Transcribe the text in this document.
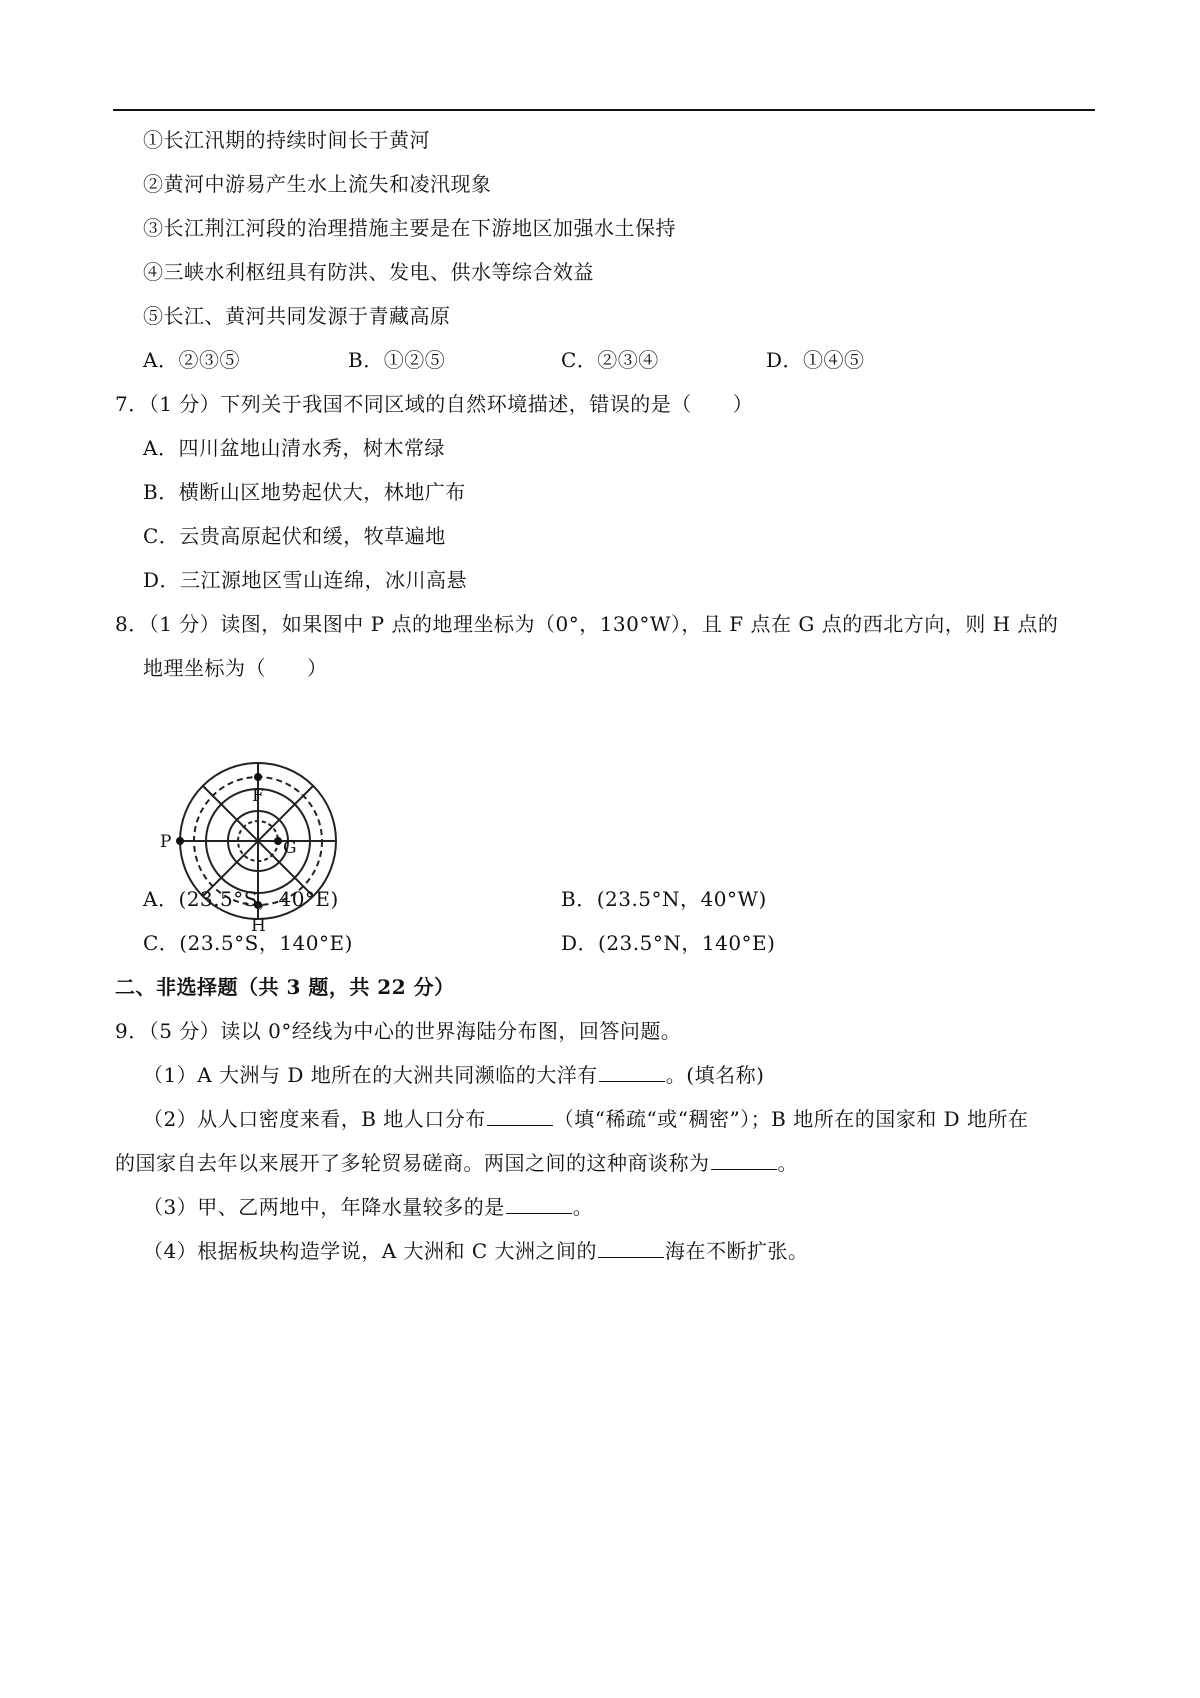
①长江汛期的持续时间长于黄河
②黄河中游易产生水上流失和凌汛现象
③长江荆江河段的治理措施主要是在下游地区加强水土保持
④三峡水利枢纽具有防洪、发电、供水等综合效益
⑤长江、黄河共同发源于青藏高原
A．②③⑤	B．①②⑤	C．②③④	D．①④⑤
7．（1 分）下列关于我国不同区域的自然环境描述，错误的是（　　）
A．四川盆地山清水秀，树木常绿
B．横断山区地势起伏大，林地广布
C．云贵高原起伏和缓，牧草遍地
D．三江源地区雪山连绵，冰川高悬
8．（1 分）读图，如果图中 P 点的地理坐标为（0°，130°W），且 F 点在 G 点的西北方向，则 H 点的
地理坐标为（　　）
F
P	G
H
A．(23.5°S，40°E)	B．(23.5°N，40°W)
C．(23.5°S，140°E)	D．(23.5°N，140°E)
二、非选择题（共 3 题，共 22 分）
9．（5 分）读以 0°经线为中心的世界海陆分布图，回答问题。
（1）A 大洲与 D 地所在的大洲共同濒临的大洋有	。(填名称)
（2）从人口密度来看，B 地人口分布	（填“稀疏“或“稠密”）；B 地所在的国家和 D 地所在
的国家自去年以来展开了多轮贸易磋商。两国之间的这种商谈称为	。
（3）甲、乙两地中，年降水量较多的是	。
（4）根据板块构造学说，A 大洲和 C 大洲之间的	海在不断扩张。
